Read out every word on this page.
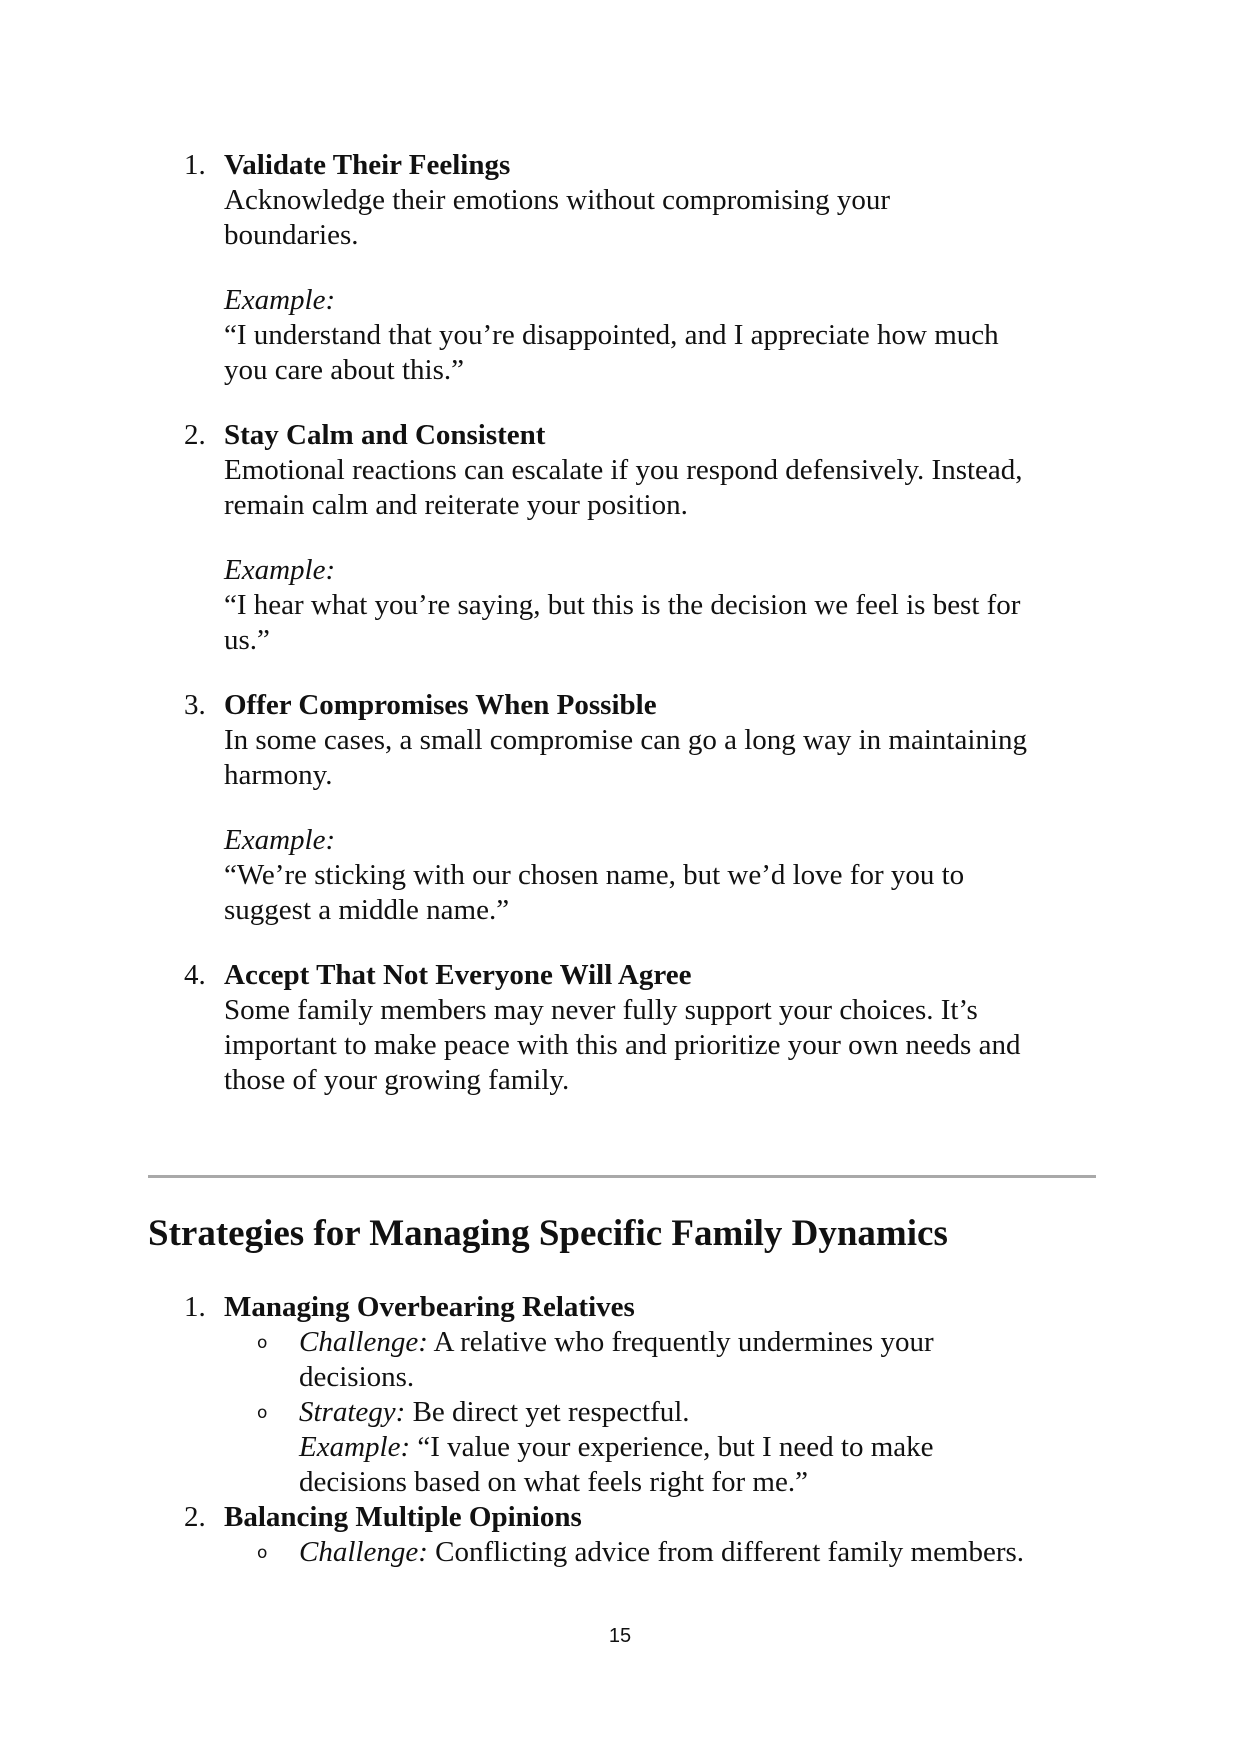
1. Validate Their Feelings
Acknowledge their emotions without compromising your
boundaries.
Example:
“I understand that you’re disappointed, and I appreciate how much
you care about this.”
2. Stay Calm and Consistent
Emotional reactions can escalate if you respond defensively. Instead,
remain calm and reiterate your position.
Example:
“I hear what you’re saying, but this is the decision we feel is best for
us.”
3. Offer Compromises When Possible
In some cases, a small compromise can go a long way in maintaining
harmony.
Example:
“We’re sticking with our chosen name, but we’d love for you to
suggest a middle name.”
4. Accept That Not Everyone Will Agree
Some family members may never fully support your choices. It’s
important to make peace with this and prioritize your own needs and
those of your growing family.
Strategies for Managing Specific Family Dynamics
1. Managing Overbearing Relatives
o Challenge: A relative who frequently undermines your
decisions.
o Strategy: Be direct yet respectful.
Example: “I value your experience, but I need to make
decisions based on what feels right for me.”
2. Balancing Multiple Opinions
o Challenge: Conflicting advice from different family members.
15
